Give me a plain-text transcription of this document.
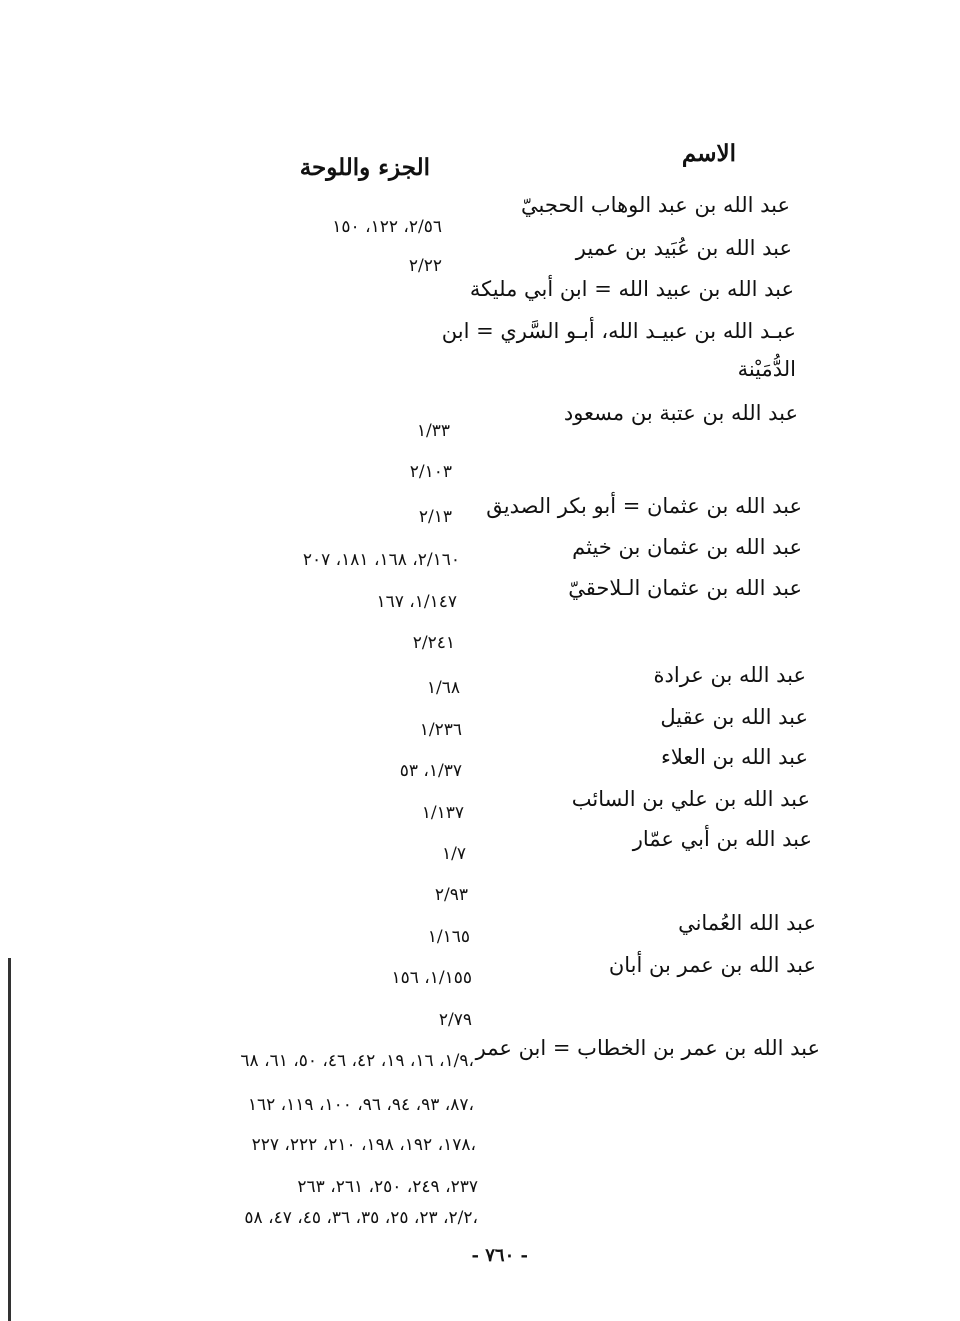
الاسم
الجزء واللوحة
عبد الله بن عبد الوهاب الحجبيّ
عبد الله بن عُبَيد بن عمير
عبد الله بن عبيد الله = ابن أبي مليكة
عبـد الله بن عبيـد الله، أبـو السَّري = ابن
الدُّمَيْنة
عبد الله بن عتبة بن مسعود
عبد الله بن عثمان = أبو بكر الصديق
عبد الله بن عثمان بن خيثم
عبد الله بن عثمان الـلاحقيّ
عبد الله بن عرادة
عبد الله بن عقيل
عبد الله بن العلاء
عبد الله بن علي بن السائب
عبد الله بن أبي عمّار
عبد الله العُماني
عبد الله بن عمر بن أبان
عبد الله بن عمر بن الخطاب = ابن عمر
٢/٥٦، ١٢٢، ١٥٠
٢/٢٢
١/٣٣
٢/١٠٣
٢/١٣
٢/١٦٠، ١٦٨، ١٨١، ٢٠٧
١/١٤٧، ١٦٧
٢/٢٤١
١/٦٨
١/٢٣٦
١/٣٧، ٥٣
١/١٣٧
١/٧
٢/٩٣
١/١٦٥
١/١٥٥، ١٥٦
٢/٧٩
١/٩، ١٦، ١٩، ٤٢، ٤٦، ٥٠، ٦١، ٦٨،
٨٧، ٩٣، ٩٤، ٩٦، ١٠٠، ١١٩، ١٦٢،
١٧٨، ١٩٢، ١٩٨، ٢١٠، ٢٢٢، ٢٢٧،
٢٣٧، ٢٤٩، ٢٥٠، ٢٦١، ٢٦٣
٢/٢، ٢٣، ٢٥، ٣٥، ٣٦، ٤٥، ٤٧، ٥٨،
- ٧٦٠ -
